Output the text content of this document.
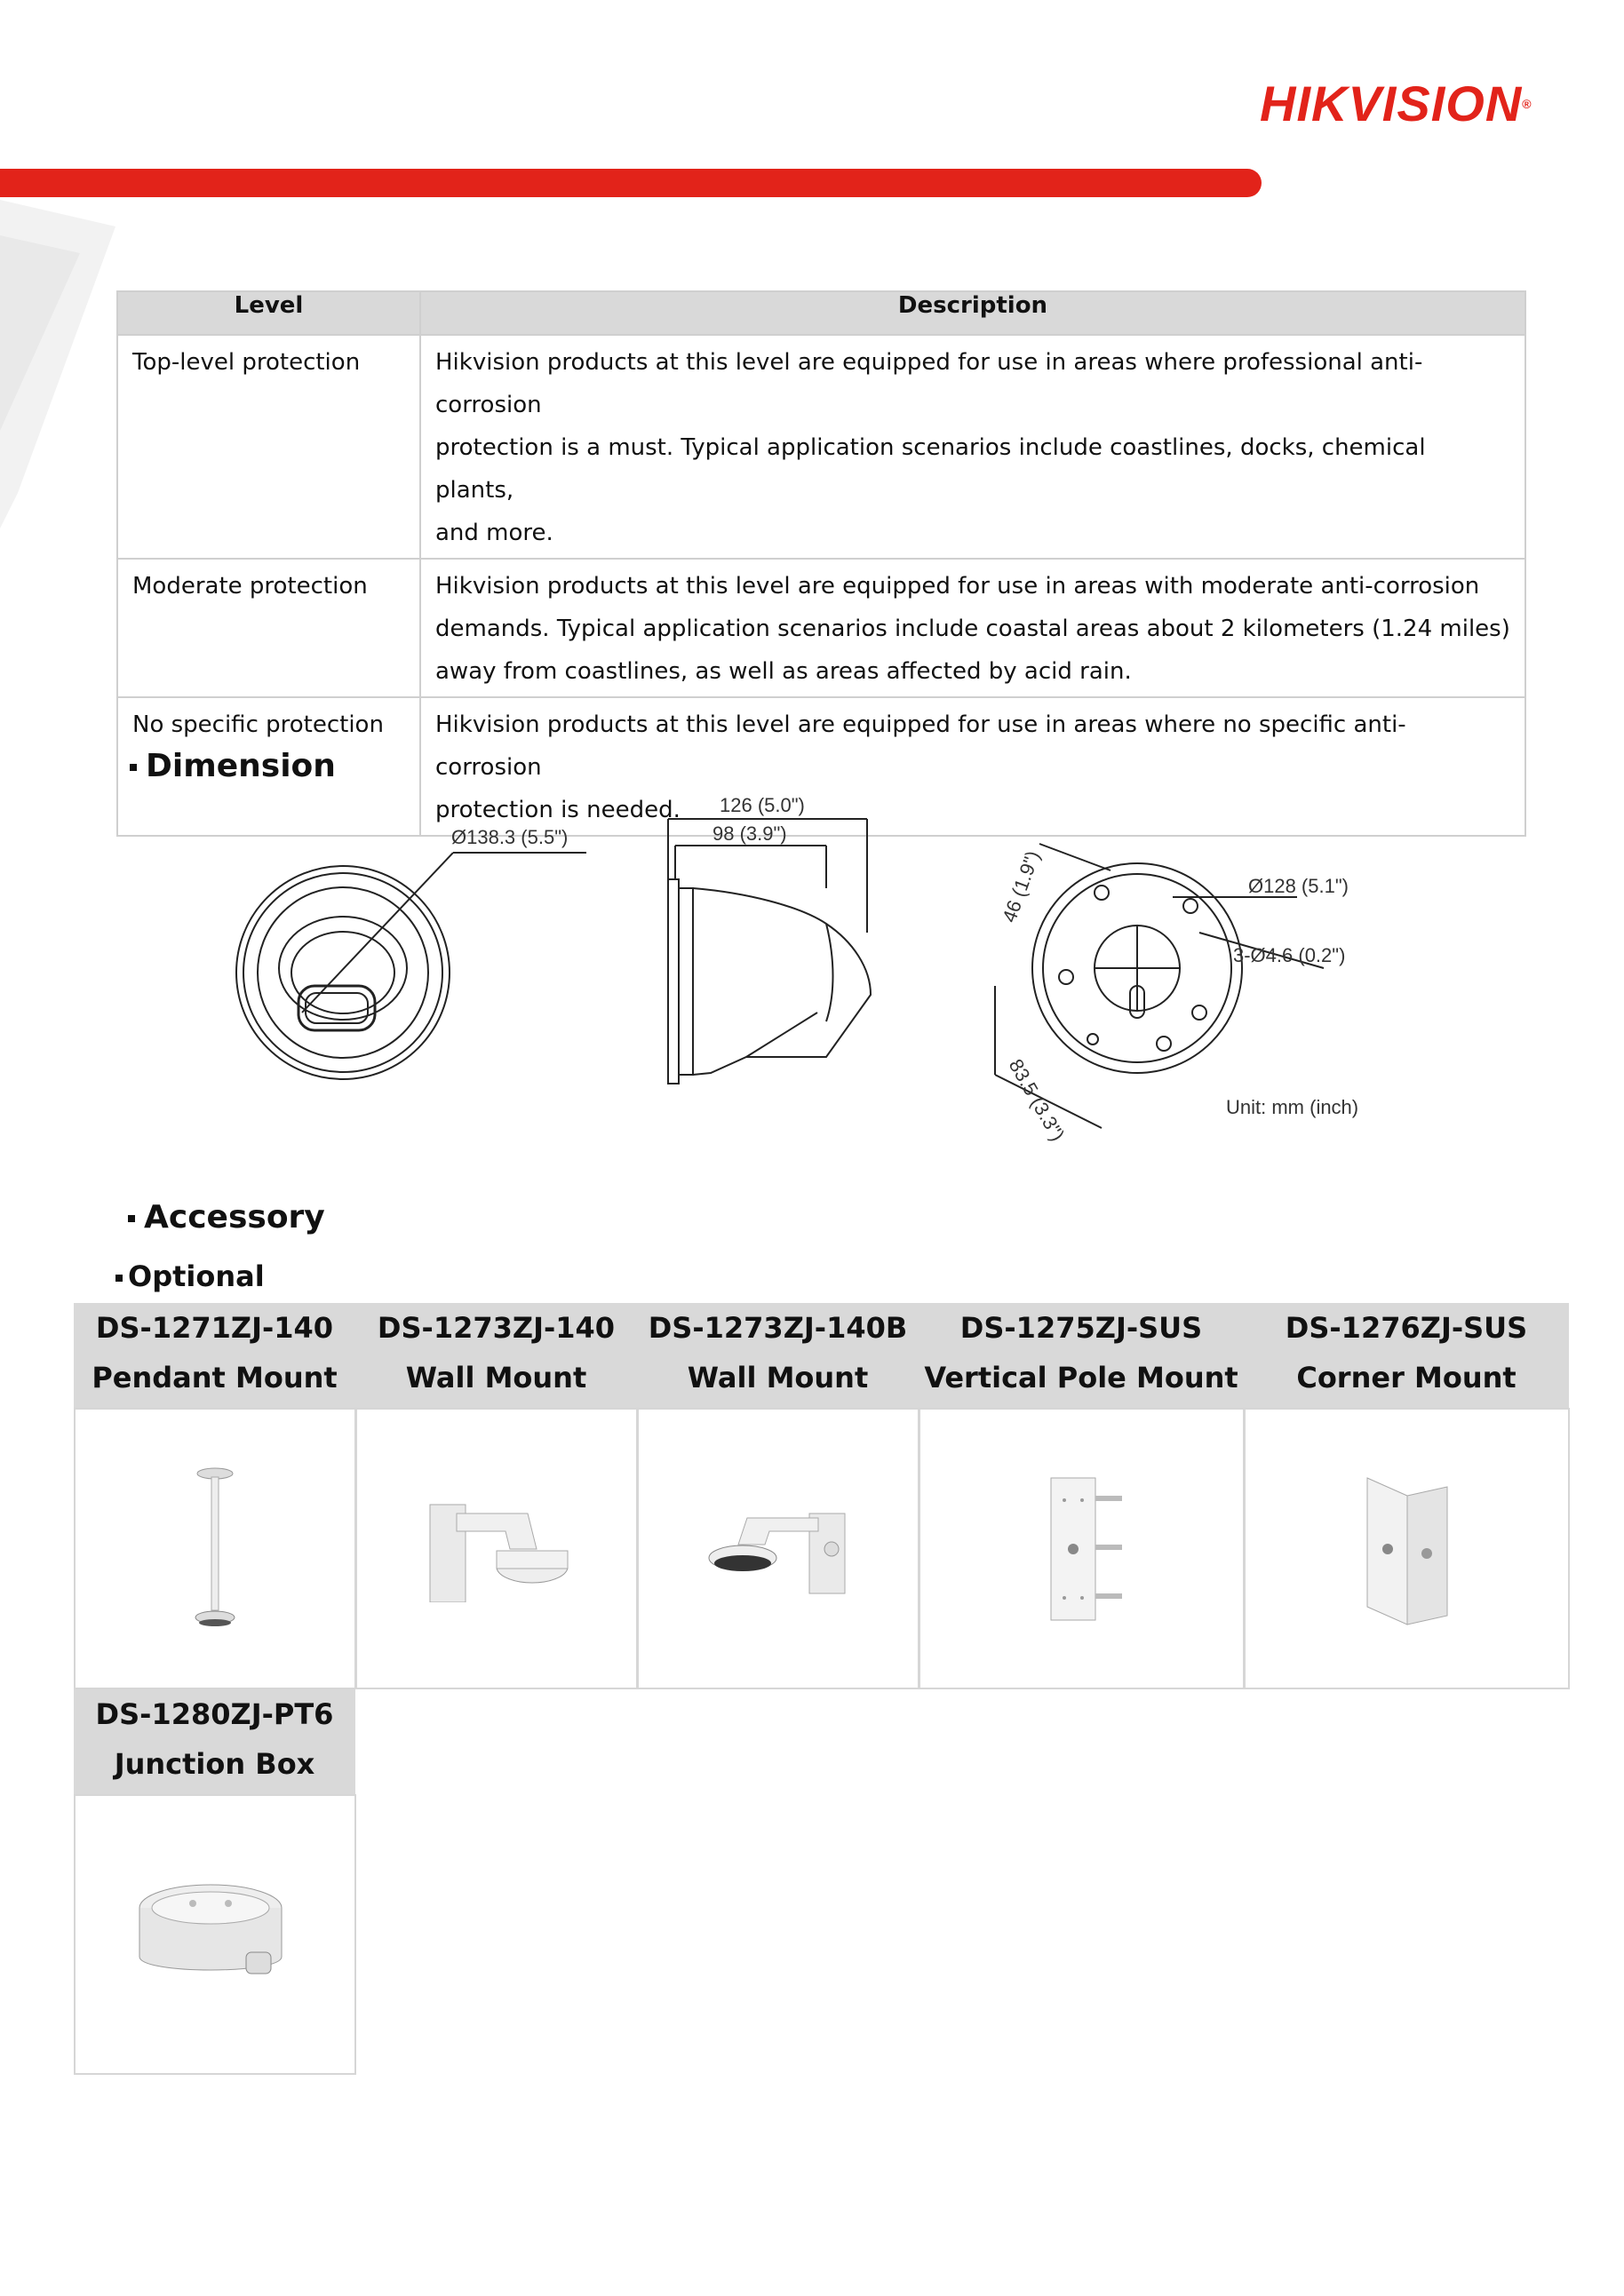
HIKVISION®
Level	Description
Top-level protection	Hikvision products at this level are equipped for use in areas where professional anti-corrosion
protection is a must. Typical application scenarios include coastlines, docks, chemical plants,
and more.

Moderate protection	Hikvision products at this level are equipped for use in areas with moderate anti-corrosion
demands. Typical application scenarios include coastal areas about 2 kilometers (1.24 miles)
away from coastlines, as well as areas affected by acid rain.

No specific protection	Hikvision products at this level are equipped for use in areas where no specific anti-corrosion
protection is needed.
Dimension
Ø138.3 (5.5")
126 (5.0")
98 (3.9")
Ø128 (5.1")
3-Ø4.6 (0.2")
46 (1.9")
83.5 (3.3")	Unit: mm (inch)
Accessory
Optional
DS-1271ZJ-140
Pendant Mount
DS-1273ZJ-140
Wall Mount
DS-1273ZJ-140B
Wall Mount
DS-1275ZJ-SUS
Vertical Pole Mount
DS-1276ZJ-SUS
Corner Mount
DS-1280ZJ-PT6
Junction Box
